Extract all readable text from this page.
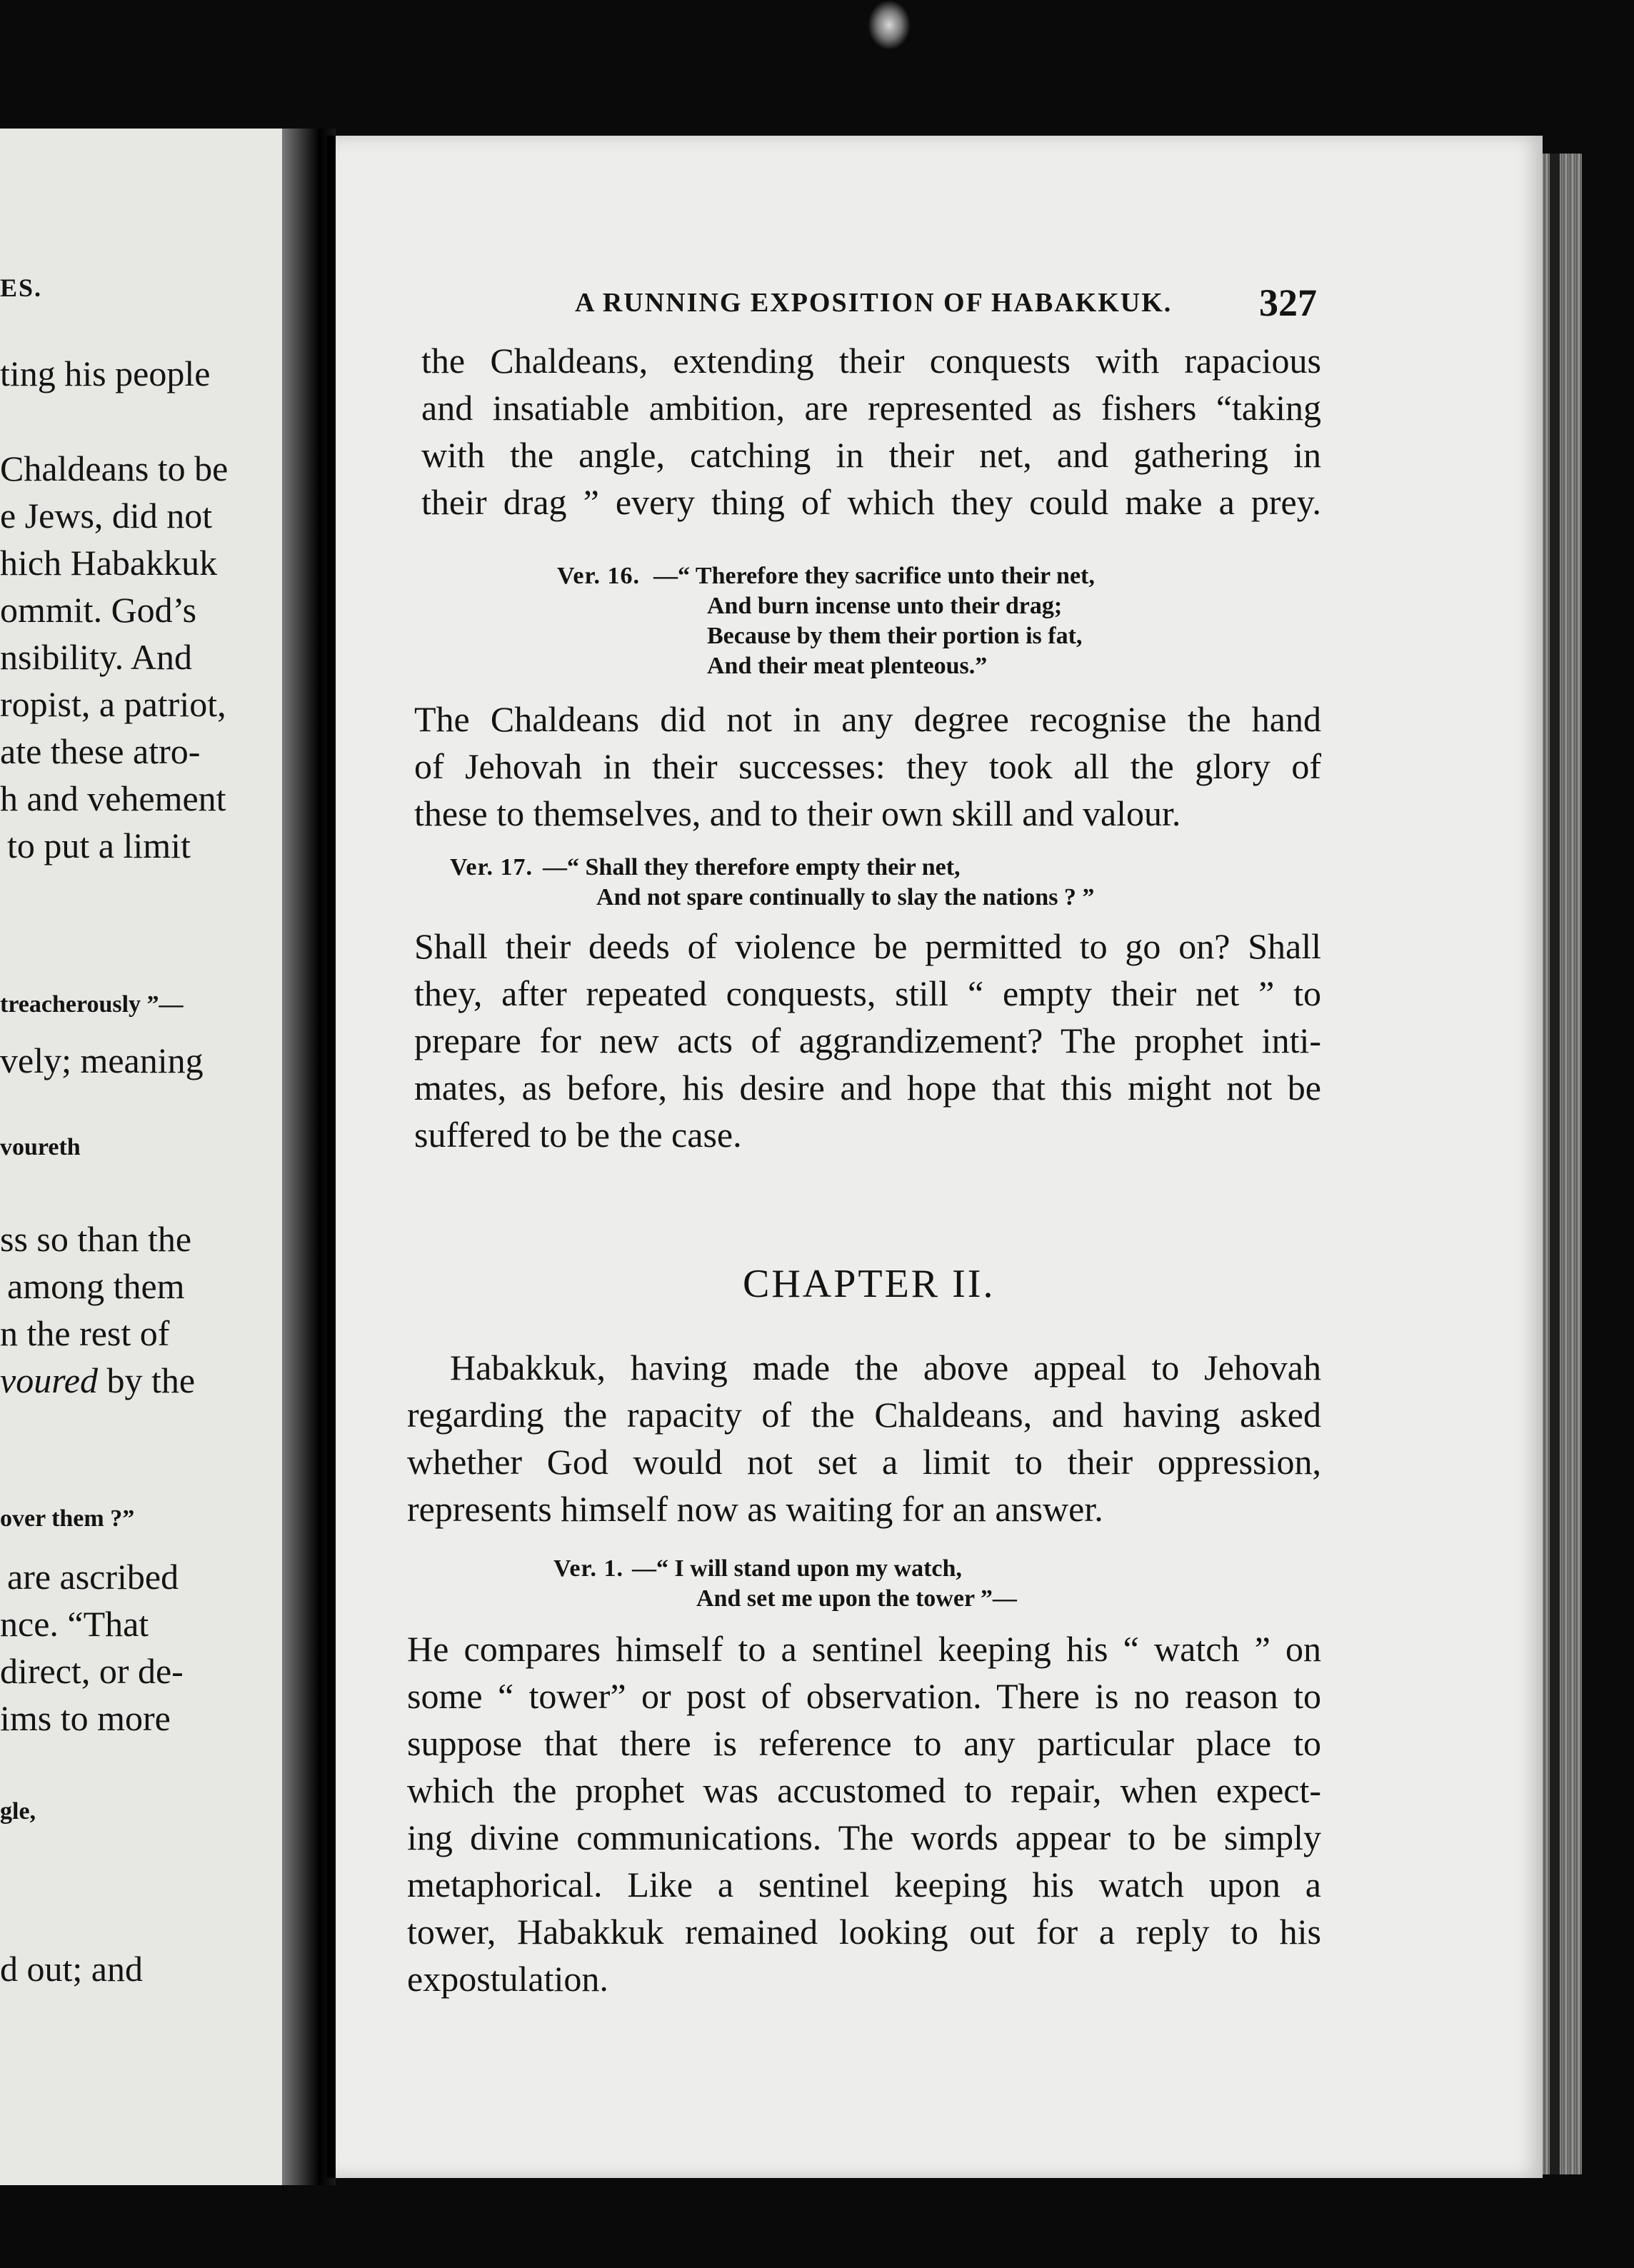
ES.
ting his people
Chaldeans to be
e Jews, did not
hich Habakkuk
ommit. God’s
nsibility. And
ropist, a patriot,
ate these atro-
h and vehement
to put a limit
treacherously ”—
vely; meaning
voureth
ss so than the
among them
n the rest of
voured by the
over them ?”
are ascribed
nce. “That
direct, or de-
ims to more
gle,
d out; and
A RUNNING EXPOSITION OF HABAKKUK. 327
the Chaldeans, extending their conquests with rapacious
and insatiable ambition, are represented as fishers “taking
with the angle, catching in their net, and gathering in
their drag ” every thing of which they could make a prey.
Ver. 16. —“ Therefore they sacrifice unto their net,
And burn incense unto their drag;
Because by them their portion is fat,
And their meat plenteous.”
The Chaldeans did not in any degree recognise the hand
of Jehovah in their successes: they took all the glory of
these to themselves, and to their own skill and valour.
Ver. 17. —“ Shall they therefore empty their net,
And not spare continually to slay the nations ? ”
Shall their deeds of violence be permitted to go on? Shall
they, after repeated conquests, still “ empty their net ” to
prepare for new acts of aggrandizement? The prophet inti-
mates, as before, his desire and hope that this might not be
suffered to be the case.
CHAPTER II.
Habakkuk, having made the above appeal to Jehovah
regarding the rapacity of the Chaldeans, and having asked
whether God would not set a limit to their oppression,
represents himself now as waiting for an answer.
Ver. 1. —“ I will stand upon my watch,
And set me upon the tower ”—
He compares himself to a sentinel keeping his “ watch ” on
some “ tower” or post of observation. There is no reason to
suppose that there is reference to any particular place to
which the prophet was accustomed to repair, when expect-
ing divine communications. The words appear to be simply
metaphorical. Like a sentinel keeping his watch upon a
tower, Habakkuk remained looking out for a reply to his
expostulation.
